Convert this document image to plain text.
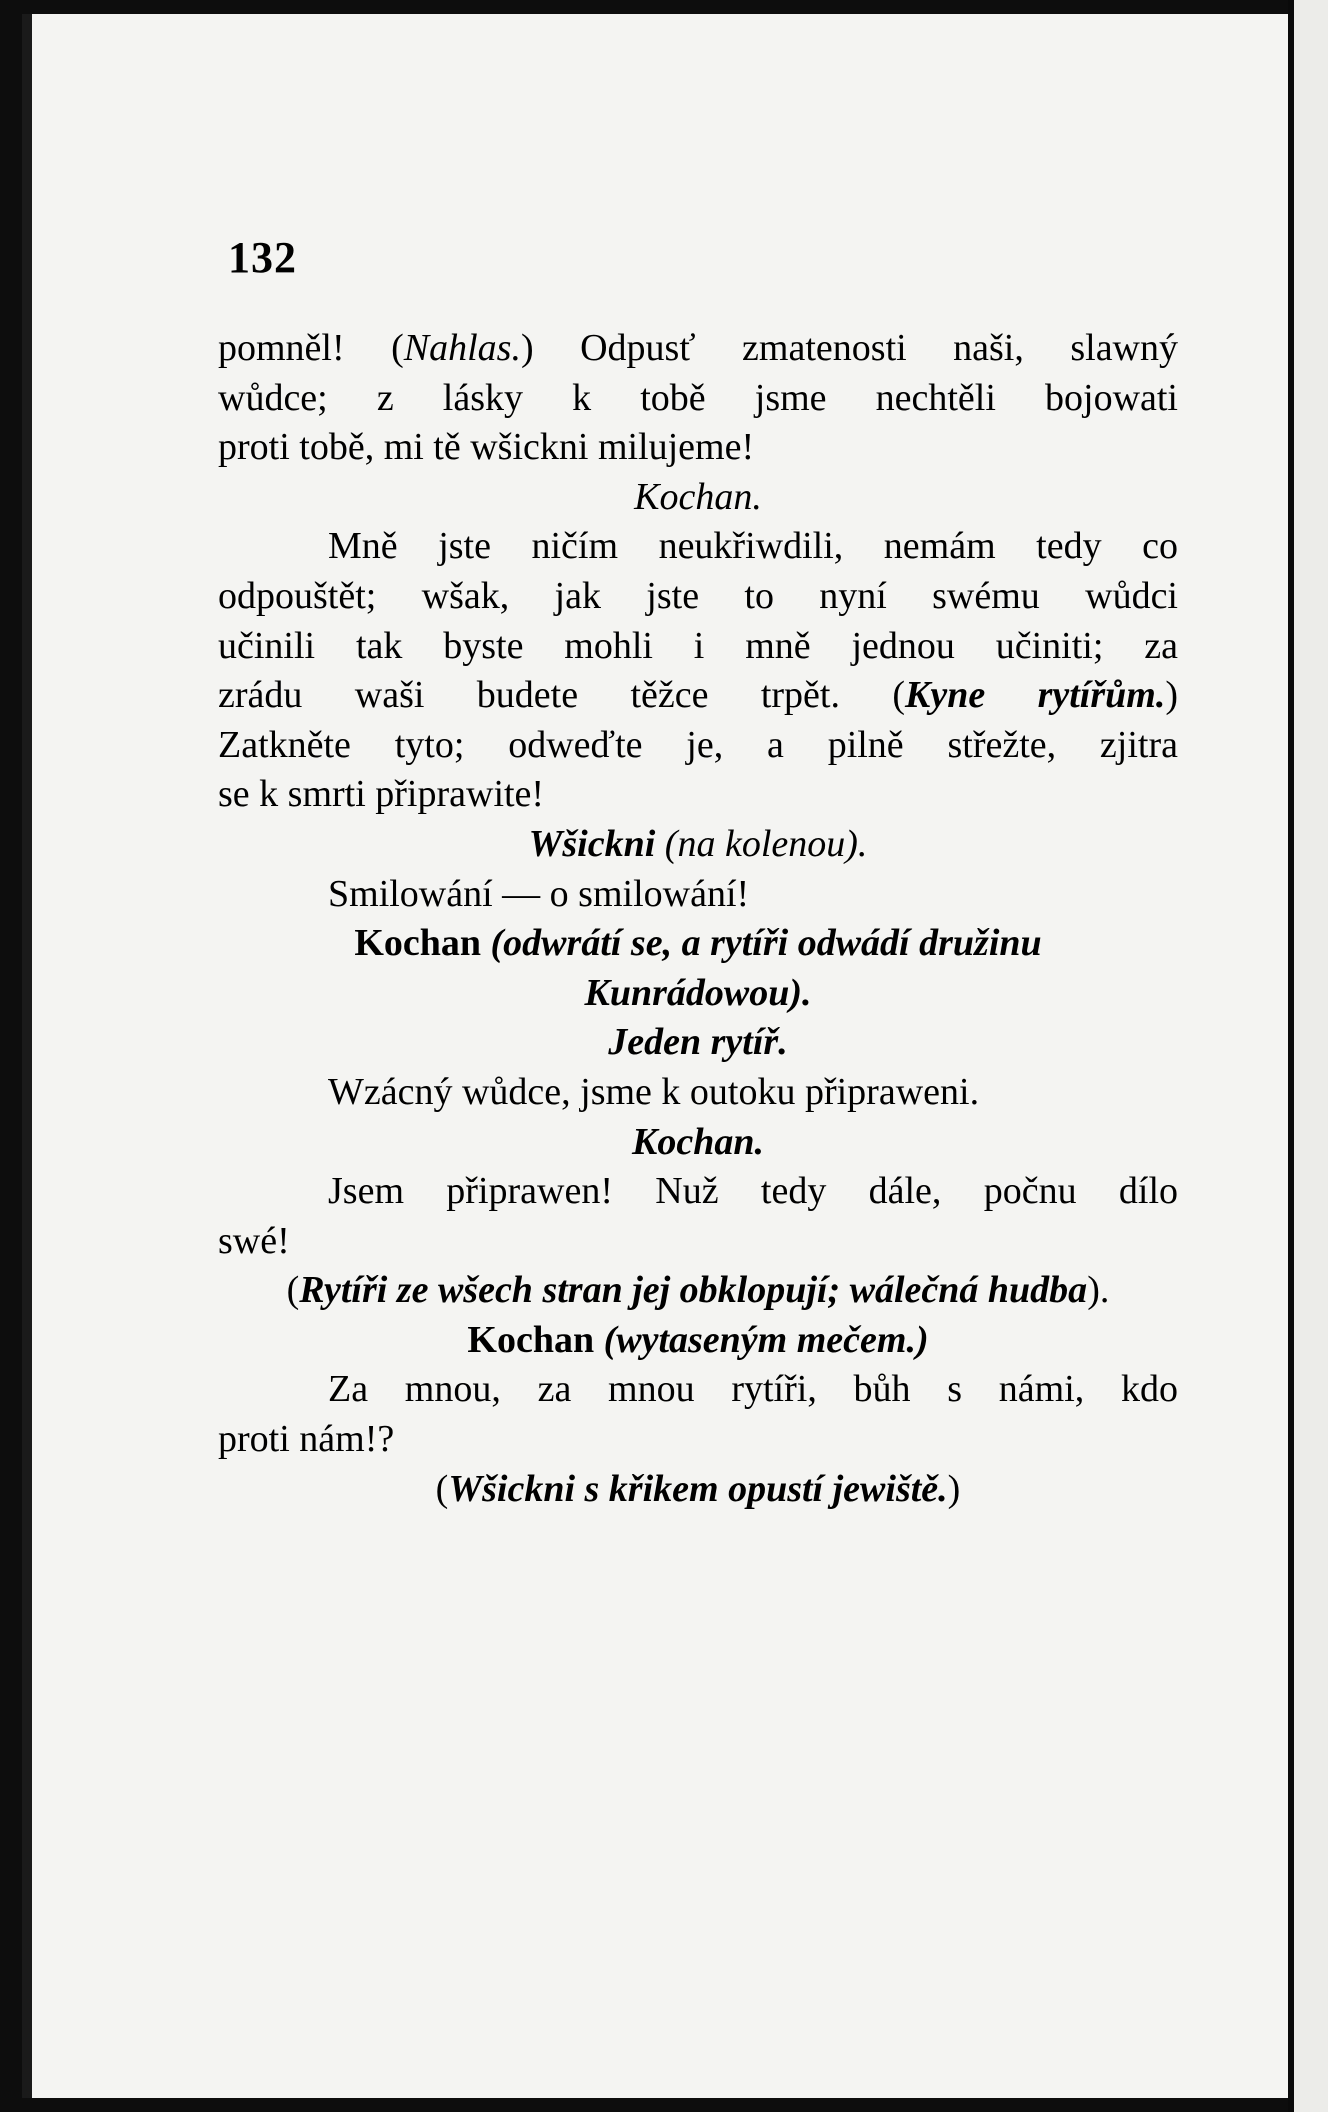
132
pomněl! (Nahlas.) Odpusť zmatenosti naši, slawný
wůdce; z lásky k tobě jsme nechtěli bojowati
proti tobě, mi tě wšickni milujeme!
Kochan.
Mně jste ničím neukřiwdili, nemám tedy co
odpouštět; wšak, jak jste to nyní swému wůdci
učinili tak byste mohli i mně jednou učiniti; za
zrádu waši budete těžce trpět. (Kyne rytířům.)
Zatkněte tyto; odweďte je, a pilně střežte, zjitra
se k smrti připrawite!
Wšickni (na kolenou).
Smilowání — o smilowání!
Kochan (odwrátí se, a rytíři odwádí družinu
Kunrádowou).
Jeden rytíř.
Wzácný wůdce, jsme k outoku připraweni.
Kochan.
Jsem připrawen! Nuž tedy dále, počnu dílo
swé!
(Rytíři ze wšech stran jej obklopují; wálečná hudba).
Kochan (wytaseným mečem.)
Za mnou, za mnou rytíři, bůh s námi, kdo
proti nám!?
(Wšickni s křikem opustí jewiště.)
